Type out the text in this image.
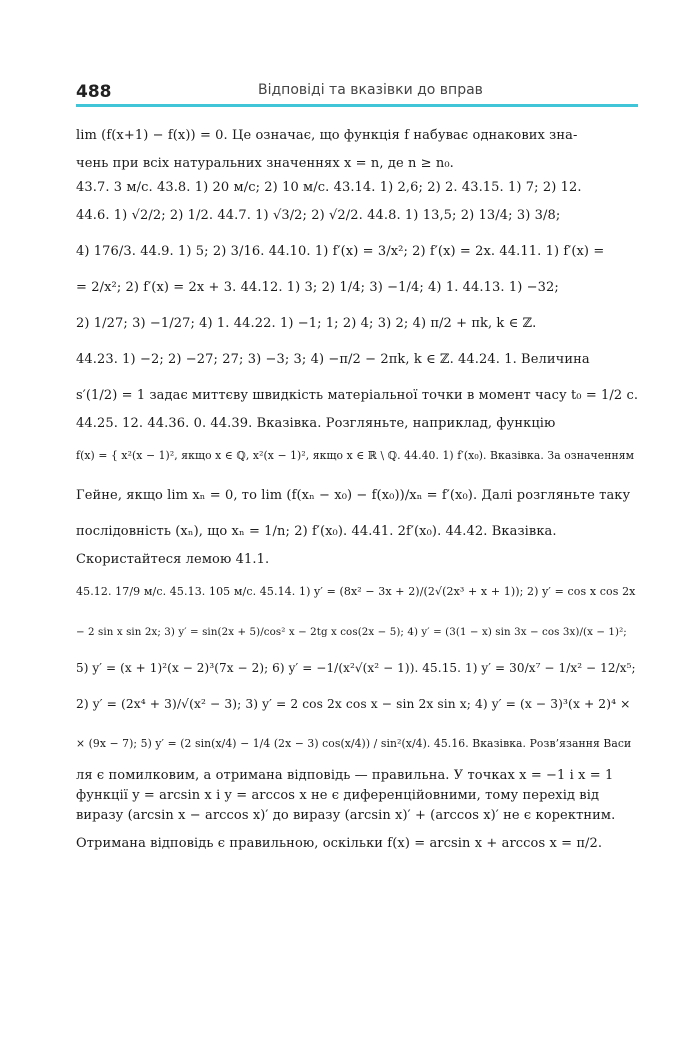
488	Відповіді та вказівки до вправ
lim (f(x+1) − f(x)) = 0. Це означає, що функція f набуває однакових зна-
чень при всіх натуральних значеннях x = n, де n ≥ n₀.
43.7. 3 м/с. 43.8. 1) 20 м/с; 2) 10 м/с. 43.14. 1) 2,6; 2) 2. 43.15. 1) 7; 2) 12.
44.6. 1) √2/2; 2) 1/2. 44.7. 1) √3/2; 2) √2/2. 44.8. 1) 13,5; 2) 13/4; 3) 3/8;
4) 176/3. 44.9. 1) 5; 2) 3/16. 44.10. 1) f′(x) = 3/x²; 2) f′(x) = 2x. 44.11. 1) f′(x) =
= 2/x²; 2) f′(x) = 2x + 3. 44.12. 1) 3; 2) 1/4; 3) −1/4; 4) 1. 44.13. 1) −32;
2) 1/27; 3) −1/27; 4) 1. 44.22. 1) −1; 1; 2) 4; 3) 2; 4) π/2 + πk, k ∈ ℤ.
44.23. 1) −2; 2) −27; 27; 3) −3; 3; 4) −π/2 − 2πk, k ∈ ℤ. 44.24. 1. Величина
s′(1/2) = 1 задає миттєву швидкість матеріальної точки в момент часу t₀ = 1/2 с.
44.25. 12. 44.36. 0. 44.39. Вказівка. Розгляньте, наприклад, функцію
f(x) = { x²(x − 1)², якщо x ∈ ℚ, x²(x − 1)², якщо x ∈ ℝ \ ℚ. 44.40. 1) f′(x₀). Вказівка. За означенням
Гейне, якщо lim xₙ = 0, то lim (f(xₙ − x₀) − f(x₀))/xₙ = f′(x₀). Далі розгляньте таку
послідовність (xₙ), що xₙ = 1/n; 2) f′(x₀). 44.41. 2f′(x₀). 44.42. Вказівка.
Скористайтеся лемою 41.1.
45.12. 17/9 м/с. 45.13. 105 м/с. 45.14. 1) y′ = (8x² − 3x + 2)/(2√(2x³ + x + 1)); 2) y′ = cos x cos 2x
− 2 sin x sin 2x; 3) y′ = sin(2x + 5)/cos² x − 2tg x cos(2x − 5); 4) y′ = (3(1 − x) sin 3x − cos 3x)/(x − 1)²;
5) y′ = (x + 1)²(x − 2)³(7x − 2); 6) y′ = −1/(x²√(x² − 1)). 45.15. 1) y′ = 30/x⁷ − 1/x² − 12/x⁵;
2) y′ = (2x⁴ + 3)/√(x² − 3); 3) y′ = 2 cos 2x cos x − sin 2x sin x; 4) y′ = (x − 3)³(x + 2)⁴ ×
× (9x − 7); 5) y′ = (2 sin(x/4) − 1/4 (2x − 3) cos(x/4)) / sin²(x/4). 45.16. Вказівка. Розв’язання Васи
ля є помилковим, а отримана відповідь — правильна. У точках x = −1 і x = 1
функції y = arcsin x і y = arccos x не є диференційовними, тому перехід від
виразу (arcsin x − arccos x)′ до виразу (arcsin x)′ + (arccos x)′ не є коректним.
Отримана відповідь є правильною, оскільки f(x) = arcsin x + arccos x = π/2.
